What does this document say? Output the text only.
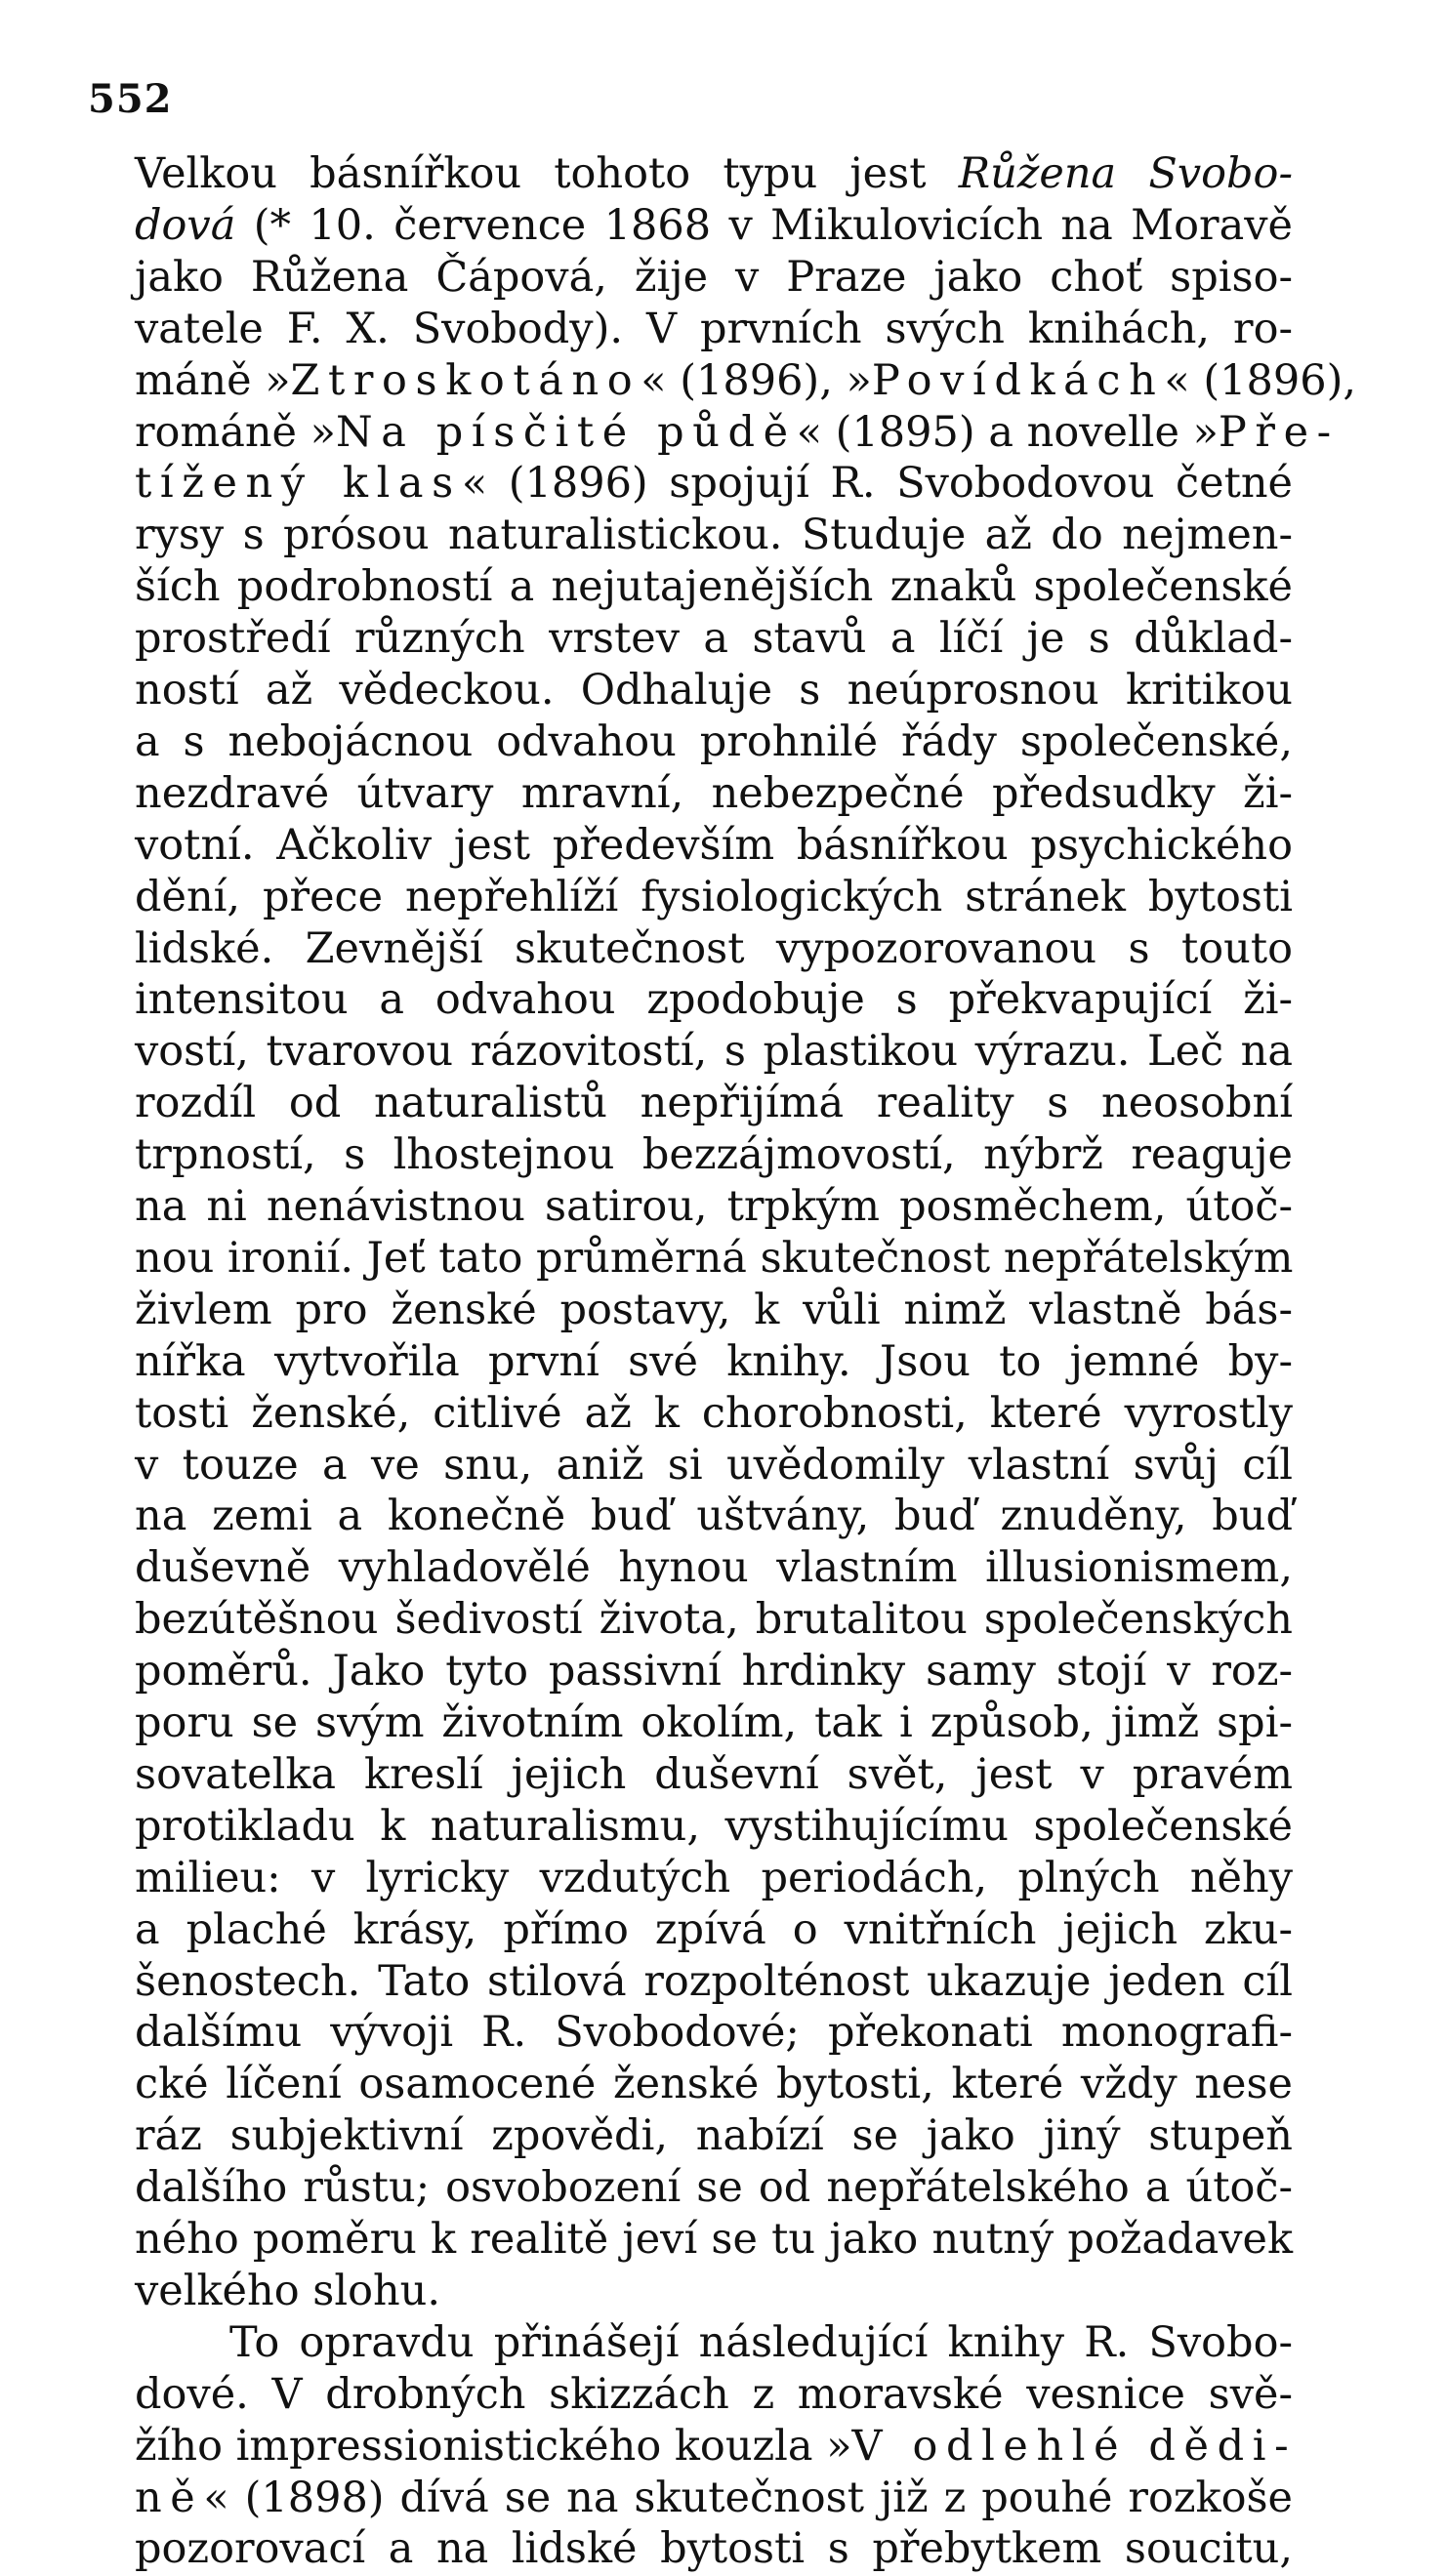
552
Velkou básnířkou tohoto typu jest Růžena Svobo-
dová (* 10. července 1868 v Mikulovicích na Moravě
jako Růžena Čápová, žije v Praze jako choť spiso-
vatele F. X. Svobody). V prvních svých knihách, ro-
máně »Ztroskotáno« (1896), »Povídkách« (1896),
románě »Na písčité půdě« (1895) a novelle »Pře-
tížený klas« (1896) spojují R. Svobodovou četné
rysy s prósou naturalistickou. Studuje až do nejmen-
ších podrobností a nejutajenějších znaků společenské
prostředí různých vrstev a stavů a líčí je s důklad-
ností až vědeckou. Odhaluje s neúprosnou kritikou
a s nebojácnou odvahou prohnilé řády společenské,
nezdravé útvary mravní, nebezpečné předsudky ži-
votní. Ačkoliv jest především básnířkou psychického
dění, přece nepřehlíží fysiologických stránek bytosti
lidské. Zevnější skutečnost vypozorovanou s touto
intensitou a odvahou zpodobuje s překvapující ži-
vostí, tvarovou rázovitostí, s plastikou výrazu. Leč na
rozdíl od naturalistů nepřijímá reality s neosobní
trpností, s lhostejnou bezzájmovostí, nýbrž reaguje
na ni nenávistnou satirou, trpkým posměchem, útoč-
nou ironií. Jeť tato průměrná skutečnost nepřátelským
živlem pro ženské postavy, k vůli nimž vlastně bás-
nířka vytvořila první své knihy. Jsou to jemné by-
tosti ženské, citlivé až k chorobnosti, které vyrostly
v touze a ve snu, aniž si uvědomily vlastní svůj cíl
na zemi a konečně buď uštvány, buď znuděny, buď
duševně vyhladovělé hynou vlastním illusionismem,
bezútěšnou šedivostí života, brutalitou společenských
poměrů. Jako tyto passivní hrdinky samy stojí v roz-
poru se svým životním okolím, tak i způsob, jimž spi-
sovatelka kreslí jejich duševní svět, jest v pravém
protikladu k naturalismu, vystihujícímu společenské
milieu: v lyricky vzdutých periodách, plných něhy
a plaché krásy, přímo zpívá o vnitřních jejich zku-
šenostech. Tato stilová rozpolténost ukazuje jeden cíl
dalšímu vývoji R. Svobodové; překonati monografi-
cké líčení osamocené ženské bytosti, které vždy nese
ráz subjektivní zpovědi, nabízí se jako jiný stupeň
dalšího růstu; osvobození se od nepřátelského a útoč-
ného poměru k realitě jeví se tu jako nutný požadavek
velkého slohu.
To opravdu přinášejí následující knihy R. Svobo-
dové. V drobných skizzách z moravské vesnice svě-
žího impressionistického kouzla »V odlehlé dědi-
ně« (1898) dívá se na skutečnost již z pouhé rozkoše
pozorovací a na lidské bytosti s přebytkem soucitu,
